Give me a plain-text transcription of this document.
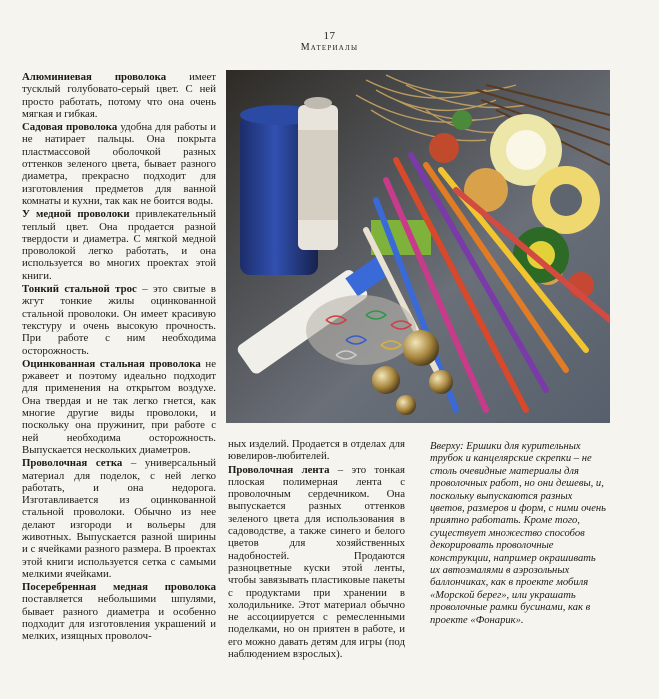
17
Материалы

Алюминиевая проволока имеет тусклый голубовато-серый цвет. С ней просто работать, потому что она очень мягкая и гибкая.

Садовая проволока удобна для работы и не натирает пальцы. Она покрыта пластмассовой оболочкой разных оттенков зеленого цвета, бывает разного диаметра, прекрасно подходит для изготовления предметов для ванной комнаты и кухни, так как не боится воды.

У медной проволоки привлекательный теплый цвет. Она продается разной твердости и диаметра. С мягкой медной проволокой легко работать, и она используется во многих проектах этой книги.

Тонкий стальной трос – это свитые в жгут тонкие жилы оцинкованной стальной проволоки. Он имеет красивую текстуру и очень высокую прочность. При работе с ним необходима осторожность.

Оцинкованная стальная проволока не ржавеет и поэтому идеально подходит для применения на открытом воздухе. Она твердая и не так легко гнется, как многие другие виды проволоки, и поскольку она пружинит, при работе с ней необходима осторожность. Выпускается нескольких диаметров.

Проволочная сетка – универсальный материал для поделок, с ней легко работать, и она недорога. Изготавливается из оцинкованной стальной проволоки. Обычно из нее делают изгороди и вольеры для животных. Выпускается разной ширины и с ячейками разного размера. В проектах этой книги используется сетка с самыми мелкими ячейками.

Посеребренная медная проволока поставляется небольшими шпулями, бывает разного диаметра и особенно подходит для изготовления украшений и мелких, изящных проволоч-

ных изделий. Продается в отделах для ювелиров-любителей.

Проволочная лента – это тонкая плоская полимерная лента с проволочным сердечником. Она выпускается разных оттенков зеленого цвета для использования в садоводстве, а также синего и белого цветов для хозяйственных надобностей. Продаются разноцветные куски этой ленты, чтобы завязывать пластиковые пакеты с продуктами при хранении в холодильнике. Этот материал обычно не ассоциируется с ремесленными поделками, но он приятен в работе, и его можно давать детям для игры (под наблюдением взрослых).

Вверху: Ершики для курительных трубок и канцелярские скрепки – не столь очевидные материалы для проволочных работ, но они дешевы, и, поскольку выпускаются разных цветов, размеров и форм, с ними очень приятно работать. Кроме того, существует множество способов декорировать проволочные конструкции, например окрашивать их автоэмалями в аэрозольных баллончиках, как в проекте мобиля «Морской берег», или украшать проволочные рамки бусинами, как в проекте «Фонарик».
